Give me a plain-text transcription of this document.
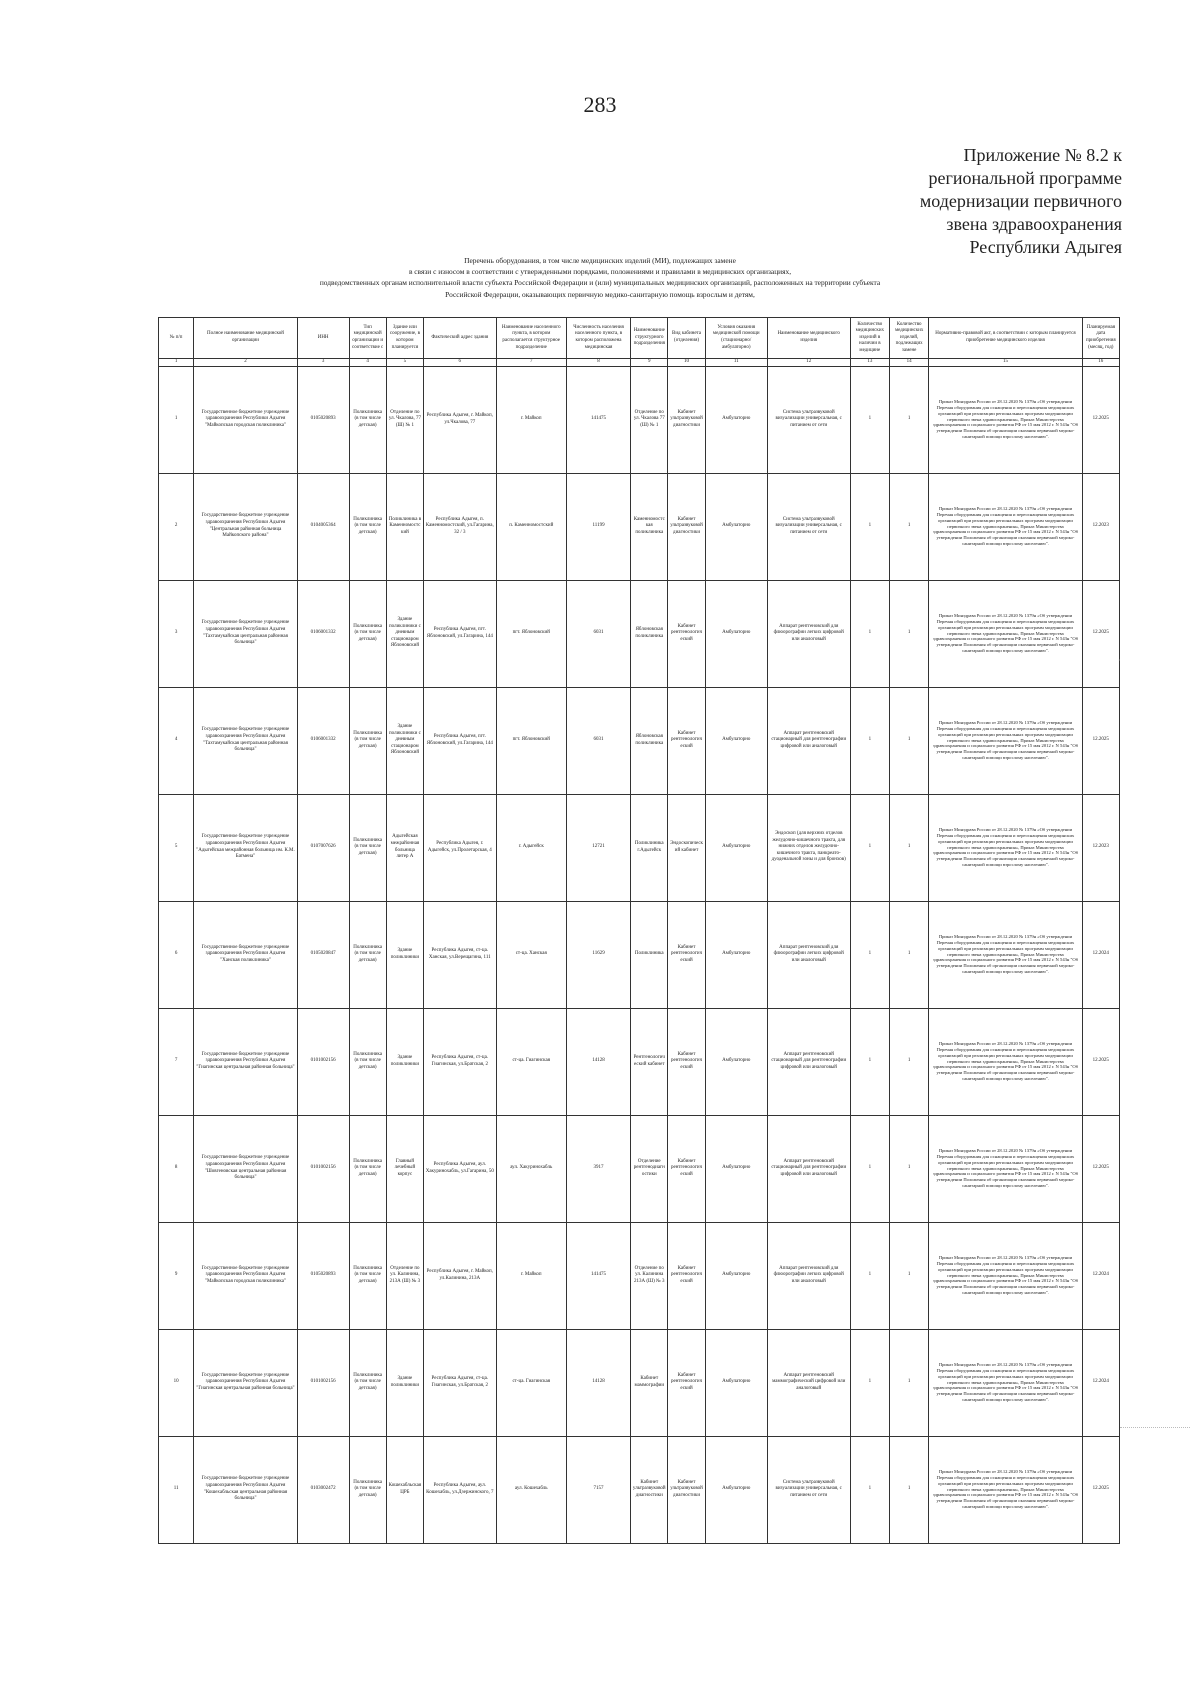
283
Приложение № 8.2 к
региональной программе
модернизации первичного
звена здравоохранения
Республики Адыгея
Перечень оборудования, в том числе медицинских изделий (МИ), подлежащих замене
в связи с износом в соответствии с утвержденными порядками, положениями и правилами в медицинских организациях,
подведомственных органам исполнительной власти субъекта Российской Федерации и (или) муниципальных медицинских организаций, расположенных на территории субъекта
Российской Федерации, оказывающих первичную медико-санитарную помощь взрослым и детям,
№ п/п	Полное наименование медицинской организации	ИНН	Тип медицинской организации и соответствие с	Здание или сооружение, в котором планируется	Фактический адрес здания	Наименование населенного пункта, в котором располагается структурное подразделение	Численность населения населенного пункта, в котором расположена медицинская	Наименование структурного подразделения	Вид кабинета (отделения)	Условия оказания медицинской помощи (стационарно/амбулаторно)	Наименование медицинского изделия	Количество медицинских изделий в наличии в медицине	Количество медицинских изделий, подлежащих замене	Нормативно-правовой акт, в соответствии с которым планируется приобретение медицинского изделия	Планируемая дата приобретения (месяц, год)
1	2	3	4	5	6	7	8	9	10	11	12	13	14	15	16
1	Государственное бюджетное учреждение здравоохранения Республики Адыгея "Майкопская городская поликлиника"	0105020893	Поликлиника (в том числе детская)	Отделение по ул. Чкалова, 77 (Ш) № 1	Республика Адыгея, г. Майкоп, ул.Чкалова, 77	г. Майкоп	141475	Отделение по ул. Чкалова 77 (Ш) № 1	Кабинет ультразвуковой диагностики	Амбулаторно	Система ультразвуковой визуализации универсальная, с питанием от сети	1	1	Приказ Минздрава России от 28.12.2020 № 1379н «Об утверждении Перечня оборудования для оснащения и переоснащения медицинских организаций при реализации региональных программ модернизации первичного звена здравоохранения», Приказ Министерства здравоохранения и социального развития РФ от 15 мая 2012 г. N 543н "Об утверждении Положения об организации оказания первичной медико-санитарной помощи взрослому населению".	12.2025
2	Государственное бюджетное учреждение здравоохранения Республики Адыгея "Центральная районная больница Майкопского района"	0104005364	Поликлиника (в том числе детская)	Поликлиника в Каменномостский	Республика Адыгея, п. Каменномостский, ул.Гагарина, 32 / 3	п. Каменномостский	11199	Каменномостская поликлиника	Кабинет ультразвуковой диагностики	Амбулаторно	Система ультразвуковой визуализации универсальная, с питанием от сети	1	1	Приказ Минздрава России от 28.12.2020 № 1379н «Об утверждении Перечня оборудования для оснащения и переоснащения медицинских организаций при реализации региональных программ модернизации первичного звена здравоохранения», Приказ Министерства здравоохранения и социального развития РФ от 15 мая 2012 г. N 543н "Об утверждении Положения об организации оказания первичной медико-санитарной помощи взрослому населению".	12.2023
3	Государственное бюджетное учреждение здравоохранения Республики Адыгея "Тахтамукайская центральная районная больница"	0106001332	Поликлиника (в том числе детская)	Здание поликлиники с дневным стационаром Яблоновский	Республика Адыгея, пгт. Яблоновский, ул.Гагарина, 144	пгт. Яблоновский	6031	Яблоновская поликлиника	Кабинет рентгенологический	Амбулаторно	Аппарат рентгеновский для флюорографии легких цифровой или аналоговый	1	1	Приказ Минздрава России от 28.12.2020 № 1379н «Об утверждении Перечня оборудования для оснащения и переоснащения медицинских организаций при реализации региональных программ модернизации первичного звена здравоохранения», Приказ Министерства здравоохранения и социального развития РФ от 15 мая 2012 г. N 543н "Об утверждении Положения об организации оказания первичной медико-санитарной помощи взрослому населению".	12.2025
4	Государственное бюджетное учреждение здравоохранения Республики Адыгея "Тахтамукайская центральная районная больница"	0106001332	Поликлиника (в том числе детская)	Здание поликлиники с дневным стационаром Яблоновский	Республика Адыгея, пгт. Яблоновский, ул.Гагарина, 144	пгт. Яблоновский	6031	Яблоновская поликлиника	Кабинет рентгенологический	Амбулаторно	Аппарат рентгеновский стационарный для рентгенографии цифровой или аналоговый	1	1	Приказ Минздрава России от 28.12.2020 № 1379н «Об утверждении Перечня оборудования для оснащения и переоснащения медицинских организаций при реализации региональных программ модернизации первичного звена здравоохранения», Приказ Министерства здравоохранения и социального развития РФ от 15 мая 2012 г. N 543н "Об утверждении Положения об организации оказания первичной медико-санитарной помощи взрослому населению".	12.2025
5	Государственное бюджетное учреждение здравоохранения Республики Адыгея "Адыгейская межрайонная больница им. К.М. Батмена"	0107007626	Поликлиника (в том числе детская)	Адыгейская межрайонная больница литер А	Республика Адыгея, г. Адыгейск, ул.Пролетарская, 4	г. Адыгейск	12721	Поликлиника г.Адыгейск	Эндоскопический кабинет	Амбулаторно	Эндоскоп (для верхних отделов желудочно-кишечного тракта, для нижних отделов желудочно-кишечного тракта, панкреато-дуоденальной зоны и для бронхов)	1	1	Приказ Минздрава России от 28.12.2020 № 1379н «Об утверждении Перечня оборудования для оснащения и переоснащения медицинских организаций при реализации региональных программ модернизации первичного звена здравоохранения», Приказ Министерства здравоохранения и социального развития РФ от 15 мая 2012 г. N 543н "Об утверждении Положения об организации оказания первичной медико-санитарной помощи взрослому населению".	12.2023
6	Государственное бюджетное учреждение здравоохранения Республики Адыгея "Ханская поликлиника"	0105020847	Поликлиника (в том числе детская)	Здание поликлиники	Республика Адыгея, ст-ца. Ханская, ул.Верещагина, 111	ст-ца. Ханская	11629	Поликлиника	Кабинет рентгенологический	Амбулаторно	Аппарат рентгеновский для флюорографии легких цифровой или аналоговый	1	1	Приказ Минздрава России от 28.12.2020 № 1379н «Об утверждении Перечня оборудования для оснащения и переоснащения медицинских организаций при реализации региональных программ модернизации первичного звена здравоохранения», Приказ Министерства здравоохранения и социального развития РФ от 15 мая 2012 г. N 543н "Об утверждении Положения об организации оказания первичной медико-санитарной помощи взрослому населению".	12.2024
7	Государственное бюджетное учреждение здравоохранения Республики Адыгея "Гиагинская центральная районная больница"	0101002156	Поликлиника (в том числе детская)	Здание поликлиники	Республика Адыгея, ст-ца. Гиагинская, ул.Братская, 2	ст-ца. Гиагинская	14128	Рентгенологический кабинет	Кабинет рентгенологический	Амбулаторно	Аппарат рентгеновский стационарный для рентгенографии цифровой или аналоговый	1	1	Приказ Минздрава России от 28.12.2020 № 1379н «Об утверждении Перечня оборудования для оснащения и переоснащения медицинских организаций при реализации региональных программ модернизации первичного звена здравоохранения», Приказ Министерства здравоохранения и социального развития РФ от 15 мая 2012 г. N 543н "Об утверждении Положения об организации оказания первичной медико-санитарной помощи взрослому населению".	12.2025
8	Государственное бюджетное учреждение здравоохранения Республики Адыгея "Шовгеновская центральная районная больница"	0101002156	Поликлиника (в том числе детская)	Главный лечебный корпус	Республика Адыгея, аул. Хакуринохабль, ул.Гагарина, 50	аул. Хакуринохабль	3917	Отделение рентгенодиагностики	Кабинет рентгенологический	Амбулаторно	Аппарат рентгеновский стационарный для рентгенографии цифровой или аналоговый	1	1	Приказ Минздрава России от 28.12.2020 № 1379н «Об утверждении Перечня оборудования для оснащения и переоснащения медицинских организаций при реализации региональных программ модернизации первичного звена здравоохранения», Приказ Министерства здравоохранения и социального развития РФ от 15 мая 2012 г. N 543н "Об утверждении Положения об организации оказания первичной медико-санитарной помощи взрослому населению".	12.2025
9	Государственное бюджетное учреждение здравоохранения Республики Адыгея "Майкопская городская поликлиника"	0105020893	Поликлиника (в том числе детская)	Отделение по ул. Калинина, 213А (Ш) № 3	Республика Адыгея, г. Майкоп, ул.Калинина, 213А	г. Майкоп	141475	Отделение по ул. Калинина 213А (Ш) № 3	Кабинет рентгенологический	Амбулаторно	Аппарат рентгеновский для флюорографии легких цифровой или аналоговый	1	1	Приказ Минздрава России от 28.12.2020 № 1379н «Об утверждении Перечня оборудования для оснащения и переоснащения медицинских организаций при реализации региональных программ модернизации первичного звена здравоохранения», Приказ Министерства здравоохранения и социального развития РФ от 15 мая 2012 г. N 543н "Об утверждении Положения об организации оказания первичной медико-санитарной помощи взрослому населению".	12.2024
10	Государственное бюджетное учреждение здравоохранения Республики Адыгея "Гиагинская центральная районная больница"	0101002156	Поликлиника (в том числе детская)	Здание поликлиники	Республика Адыгея, ст-ца. Гиагинская, ул.Братская, 2	ст-ца. Гиагинская	14128	Кабинет маммографии	Кабинет рентгенологический	Амбулаторно	Аппарат рентгеновский маммографический цифровой или аналоговый	1	1	Приказ Минздрава России от 28.12.2020 № 1379н «Об утверждении Перечня оборудования для оснащения и переоснащения медицинских организаций при реализации региональных программ модернизации первичного звена здравоохранения», Приказ Министерства здравоохранения и социального развития РФ от 15 мая 2012 г. N 543н "Об утверждении Положения об организации оказания первичной медико-санитарной помощи взрослому населению".	12.2024
11	Государственное бюджетное учреждение здравоохранения Республики Адыгея "Кошехабльская центральная районная больница"	0103002472	Поликлиника (в том числе детская)	Кошехабльская ЦРБ	Республика Адыгея, аул. Кошехабль, ул.Дзержинского, 7	аул. Кошехабль	7157	Кабинет ультразвуковой диагностики	Кабинет ультразвуковой диагностики	Амбулаторно	Система ультразвуковой визуализации универсальная, с питанием от сети	1	1	Приказ Минздрава России от 28.12.2020 № 1379н «Об утверждении Перечня оборудования для оснащения и переоснащения медицинских организаций при реализации региональных программ модернизации первичного звена здравоохранения», Приказ Министерства здравоохранения и социального развития РФ от 15 мая 2012 г. N 543н "Об утверждении Положения об организации оказания первичной медико-санитарной помощи взрослому населению".	12.2025
·
